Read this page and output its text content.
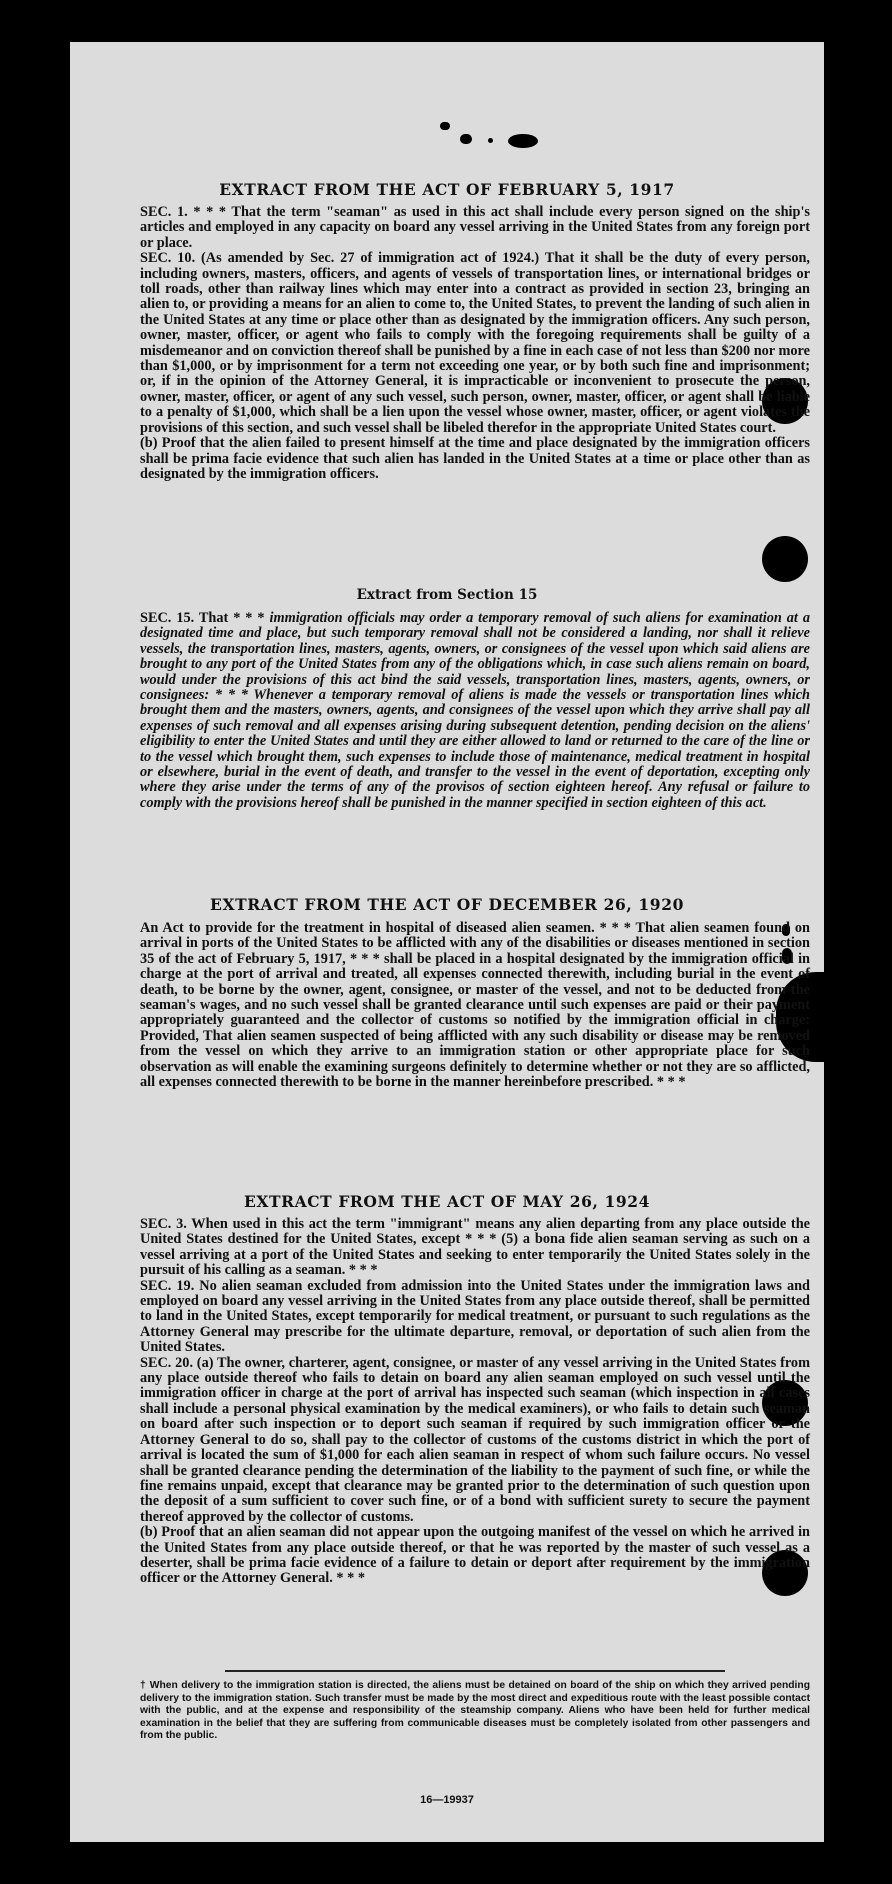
EXTRACT FROM THE ACT OF FEBRUARY 5, 1917

SEC. 1. * * * That the term "seaman" as used in this act shall include every person signed on the ship's articles and employed in any capacity on board any vessel arriving in the United States from any foreign port or place.
SEC. 10. (As amended by Sec. 27 of immigration act of 1924.) That it shall be the duty of every person, including owners, masters, officers, and agents of vessels of transportation lines, or international bridges or toll roads, other than railway lines which may enter into a contract as provided in section 23, bringing an alien to, or providing a means for an alien to come to, the United States, to prevent the landing of such alien in the United States at any time or place other than as designated by the immigration officers. Any such person, owner, master, officer, or agent who fails to comply with the foregoing requirements shall be guilty of a misdemeanor and on conviction thereof shall be punished by a fine in each case of not less than $200 nor more than $1,000, or by imprisonment for a term not exceeding one year, or by both such fine and imprisonment; or, if in the opinion of the Attorney General, it is impracticable or inconvenient to prosecute the person, owner, master, officer, or agent of any such vessel, such person, owner, master, officer, or agent shall be liable to a penalty of $1,000, which shall be a lien upon the vessel whose owner, master, officer, or agent violates the provisions of this section, and such vessel shall be libeled therefor in the appropriate United States court.
(b) Proof that the alien failed to present himself at the time and place designated by the immigration officers shall be prima facie evidence that such alien has landed in the United States at a time or place other than as designated by the immigration officers.

Extract from Section 15

SEC. 15. That * * * immigration officials may order a temporary removal of such aliens for examination at a designated time and place, but such temporary removal shall not be considered a landing, nor shall it relieve vessels, the transportation lines, masters, agents, owners, or consignees of the vessel upon which said aliens are brought to any port of the United States from any of the obligations which, in case such aliens remain on board, would under the provisions of this act bind the said vessels, transportation lines, masters, agents, owners, or consignees: * * * Whenever a temporary removal of aliens is made the vessels or transportation lines which brought them and the masters, owners, agents, and consignees of the vessel upon which they arrive shall pay all expenses of such removal and all expenses arising during subsequent detention, pending decision on the aliens' eligibility to enter the United States and until they are either allowed to land or returned to the care of the line or to the vessel which brought them, such expenses to include those of maintenance, medical treatment in hospital or elsewhere, burial in the event of death, and transfer to the vessel in the event of deportation, excepting only where they arise under the terms of any of the provisos of section eighteen hereof. Any refusal or failure to comply with the provisions hereof shall be punished in the manner specified in section eighteen of this act.

EXTRACT FROM THE ACT OF DECEMBER 26, 1920

An Act to provide for the treatment in hospital of diseased alien seamen. * * * That alien seamen found on arrival in ports of the United States to be afflicted with any of the disabilities or diseases mentioned in section 35 of the act of February 5, 1917, * * * shall be placed in a hospital designated by the immigration official in charge at the port of arrival and treated, all expenses connected therewith, including burial in the event of death, to be borne by the owner, agent, consignee, or master of the vessel, and not to be deducted from the seaman's wages, and no such vessel shall be granted clearance until such expenses are paid or their payment appropriately guaranteed and the collector of customs so notified by the immigration official in charge: Provided, That alien seamen suspected of being afflicted with any such disability or disease may be removed from the vessel on which they arrive to an immigration station or other appropriate place for such observation as will enable the examining surgeons definitely to determine whether or not they are so afflicted, all expenses connected therewith to be borne in the manner hereinbefore prescribed. * * *

EXTRACT FROM THE ACT OF MAY 26, 1924

SEC. 3. When used in this act the term "immigrant" means any alien departing from any place outside the United States destined for the United States, except * * * (5) a bona fide alien seaman serving as such on a vessel arriving at a port of the United States and seeking to enter temporarily the United States solely in the pursuit of his calling as a seaman. * * *
SEC. 19. No alien seaman excluded from admission into the United States under the immigration laws and employed on board any vessel arriving in the United States from any place outside thereof, shall be permitted to land in the United States, except temporarily for medical treatment, or pursuant to such regulations as the Attorney General may prescribe for the ultimate departure, removal, or deportation of such alien from the United States.
SEC. 20. (a) The owner, charterer, agent, consignee, or master of any vessel arriving in the United States from any place outside thereof who fails to detain on board any alien seaman employed on such vessel until the immigration officer in charge at the port of arrival has inspected such seaman (which inspection in all cases shall include a personal physical examination by the medical examiners), or who fails to detain such seaman on board after such inspection or to deport such seaman if required by such immigration officer or the Attorney General to do so, shall pay to the collector of customs of the customs district in which the port of arrival is located the sum of $1,000 for each alien seaman in respect of whom such failure occurs. No vessel shall be granted clearance pending the determination of the liability to the payment of such fine, or while the fine remains unpaid, except that clearance may be granted prior to the determination of such question upon the deposit of a sum sufficient to cover such fine, or of a bond with sufficient surety to secure the payment thereof approved by the collector of customs.
(b) Proof that an alien seaman did not appear upon the outgoing manifest of the vessel on which he arrived in the United States from any place outside thereof, or that he was reported by the master of such vessel as a deserter, shall be prima facie evidence of a failure to detain or deport after requirement by the immigration officer or the Attorney General. * * *

† When delivery to the immigration station is directed, the aliens must be detained on board of the ship on which they arrived pending delivery to the immigration station. Such transfer must be made by the most direct and expeditious route with the least possible contact with the public, and at the expense and responsibility of the steamship company. Aliens who have been held for further medical examination in the belief that they are suffering from communicable diseases must be completely isolated from other passengers and from the public.

16—19937
